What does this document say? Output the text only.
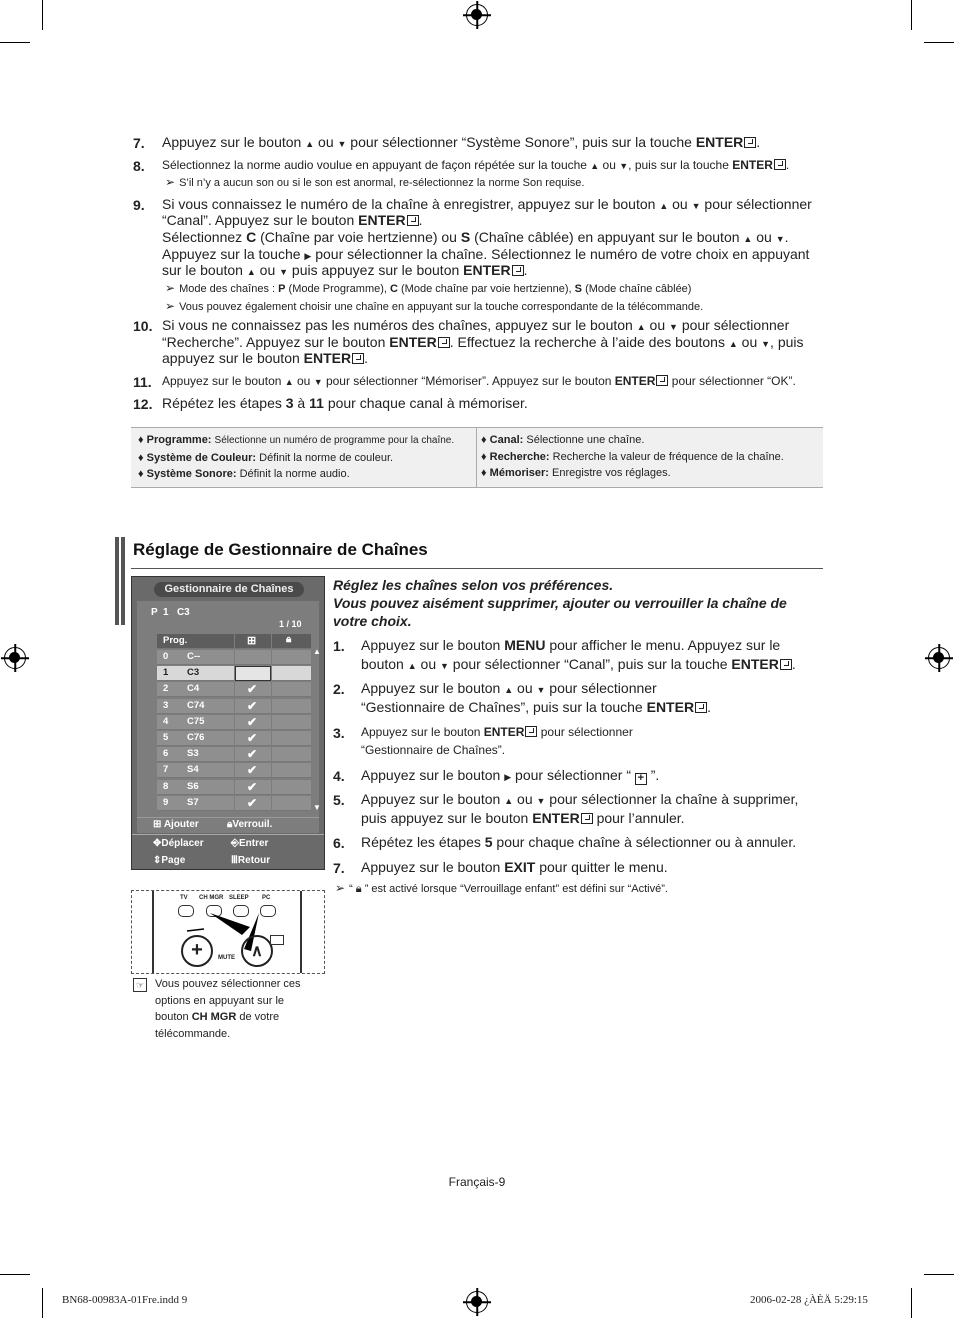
7. Appuyez sur le bouton ▲ ou ▼ pour sélectionner “Système Sonore”, puis sur la touche ENTER .
8. Sélectionnez la norme audio voulue en appuyant de façon répétée sur la touche ▲ ou ▼, puis sur la touche ENTER .
➢ S’il n’y a aucun son ou si le son est anormal, re-sélectionnez la norme Son requise.
9. Si vous connaissez le numéro de la chaîne à enregistrer, appuyez sur le bouton ▲ ou ▼ pour sélectionner
“Canal”. Appuyez sur le bouton ENTER .
Sélectionnez C (Chaîne par voie hertzienne) ou S (Chaîne câblée) en appuyant sur le bouton ▲ ou ▼.
Appuyez sur la touche ▶ pour sélectionner la chaîne. Sélectionnez le numéro de votre choix en appuyant
sur le bouton ▲ ou ▼ puis appuyez sur le bouton ENTER .
➢ Mode des chaînes : P (Mode Programme), C (Mode chaîne par voie hertzienne), S (Mode chaîne câblée)
➢ Vous pouvez également choisir une chaîne en appuyant sur la touche correspondante de la télécommande.
10. Si vous ne connaissez pas les numéros des chaînes, appuyez sur le bouton ▲ ou ▼ pour sélectionner
“Recherche”. Appuyez sur le bouton ENTER . Effectuez la recherche à l’aide des boutons ▲ ou ▼, puis
appuyez sur le bouton ENTER .
11. Appuyez sur le bouton ▲ ou ▼ pour sélectionner “Mémoriser”. Appuyez sur le bouton ENTER pour sélectionner “OK”.
12. Répétez les étapes 3 à 11 pour chaque canal à mémoriser.
♦ Programme: Sélectionne un numéro de programme pour la chaîne.
♦ Système de Couleur: Définit la norme de couleur.
♦ Système Sonore: Définit la norme audio.
♦ Canal: Sélectionne une chaîne.
♦ Recherche: Recherche la valeur de fréquence de la chaîne.
♦ Mémoriser: Enregistre vos réglages.
Réglage de Gestionnaire de Chaînes
Gestionnaire de Chaînes
P  1   C3
1 / 10
Prog.	⊞	🔒︎
▲
▼
0 C--
1 C3
2 C4	✔
3 C74	✔
4 C75	✔
5 C76	✔
6 S3	✔
7 S4	✔
8 S6	✔
9 S7	✔
⊞ Ajouter	🔒︎Verrouil.
✥Déplacer	⎆Entrer
⇕Page	ⅢRetour
TV CH MGR SLEEP PC
+	∧
MUTE
☞ Vous pouvez sélectionner ces options en appuyant sur le bouton CH MGR de votre télécommande.
Réglez les chaînes selon vos préférences.
Vous pouvez aisément supprimer, ajouter ou verrouiller la chaîne de votre choix.
1. Appuyez sur le bouton MENU pour afficher le menu. Appuyez sur le
bouton ▲ ou ▼ pour sélectionner “Canal”, puis sur la touche ENTER .
2. Appuyez sur le bouton ▲ ou ▼ pour sélectionner
“Gestionnaire de Chaînes”, puis sur la touche ENTER .
3. Appuyez sur le bouton ENTER pour sélectionner
“Gestionnaire de Chaînes”.
4. Appuyez sur le bouton ▶ pour sélectionner “ + ”.
5. Appuyez sur le bouton ▲ ou ▼ pour sélectionner la chaîne à supprimer,
puis appuyez sur le bouton ENTER pour l’annuler.
6. Répétez les étapes 5 pour chaque chaîne à sélectionner ou à annuler.
7. Appuyez sur le bouton EXIT pour quitter le menu.
➢ “ 🔒︎ ” est activé lorsque “Verrouillage enfant” est défini sur “Activé”.
Français-9
BN68-00983A-01Fre.indd 9	2006-02-28 ¿ÀÈÄ 5:29:15
